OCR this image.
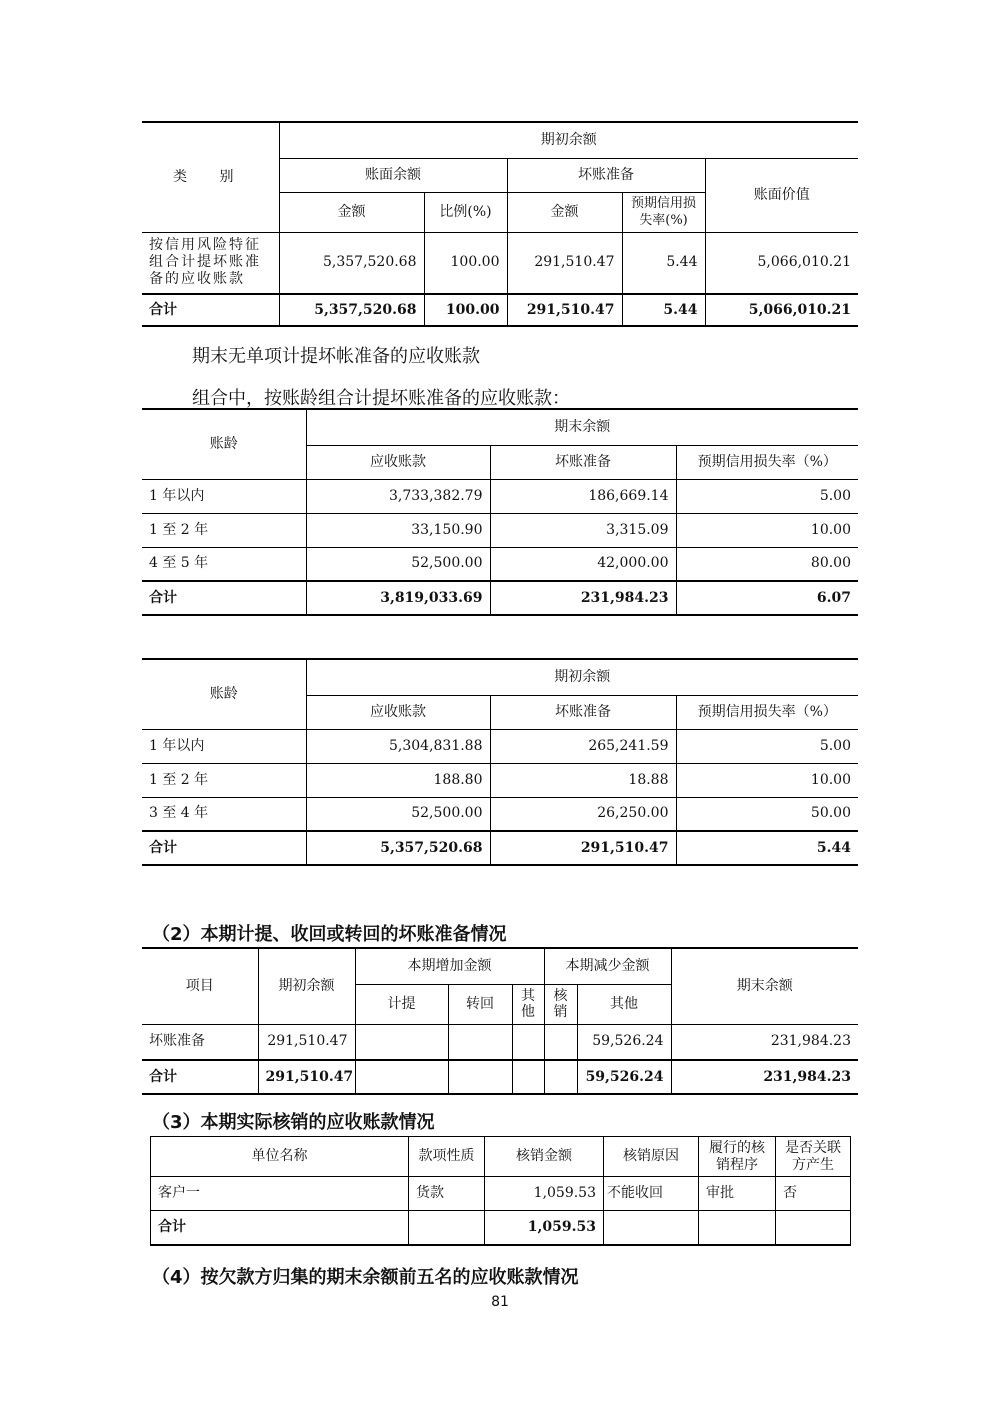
类 别	期初余额				
	账面余额		坏账准备		账面价值
	金额	比例(%)	金额	预期信用损失率(%)	
按信用风险特征组合计提坏账准备的应收账款	5,357,520.68	100.00	291,510.47	5.44	5,066,010.21
合计	5,357,520.68	100.00	291,510.47	5.44	5,066,010.21
期末无单项计提坏帐准备的应收账款
组合中，按账龄组合计提坏账准备的应收账款：
账龄	期末余额		
	应收账款	坏账准备	预期信用损失率（%）
1 年以内	3,733,382.79	186,669.14	5.00
1 至 2 年	33,150.90	3,315.09	10.00
4 至 5 年	52,500.00	42,000.00	80.00
合计	3,819,033.69	231,984.23	6.07
账龄	期初余额		
	应收账款	坏账准备	预期信用损失率（%）
1 年以内	5,304,831.88	265,241.59	5.00
1 至 2 年	188.80	18.88	10.00
3 至 4 年	52,500.00	26,250.00	50.00
合计	5,357,520.68	291,510.47	5.44
（2）本期计提、收回或转回的坏账准备情况
项目	期初余额	本期增加金额			本期减少金额		期末余额
		计提	转回	其他	核销	其他	
坏账准备	291,510.47					59,526.24	231,984.23
合计	291,510.47					59,526.24	231,984.23
（3）本期实际核销的应收账款情况
单位名称	款项性质	核销金额	核销原因	履行的核销程序	是否关联方产生
客户一	货款	1,059.53	不能收回	审批	否
合计		1,059.53			
（4）按欠款方归集的期末余额前五名的应收账款情况
81
